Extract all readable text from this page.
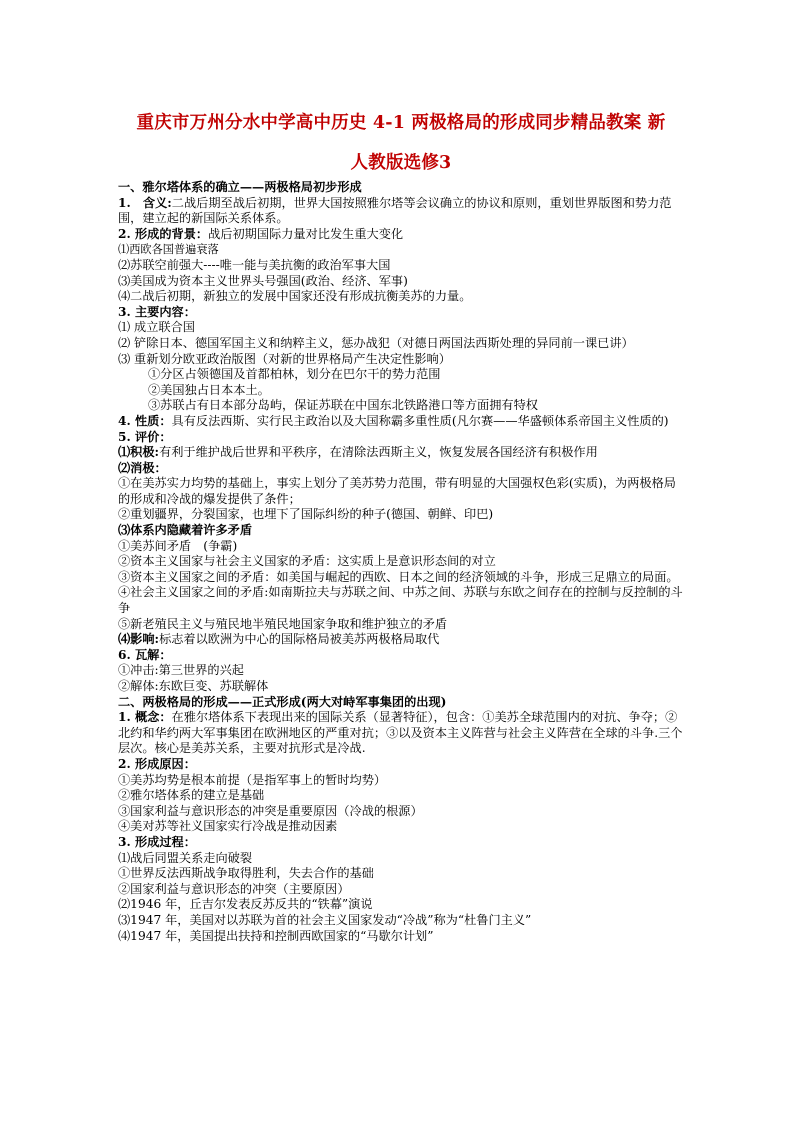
重庆市万州分水中学高中历史 4-1 两极格局的形成同步精品教案 新
人教版选修3
一、雅尔塔体系的确立——两极格局初步形成
1.　含义:二战后期至战后初期，世界大国按照雅尔塔等会议确立的协议和原则，重划世界版图和势力范围，建立起的新国际关系体系。
2. 形成的背景：战后初期国际力量对比发生重大变化
⑴西欧各国普遍衰落
⑵苏联空前强大----唯一能与美抗衡的政治军事大国
⑶美国成为资本主义世界头号强国(政治、经济、军事)
⑷二战后初期，新独立的发展中国家还没有形成抗衡美苏的力量。
3. 主要内容：
⑴ 成立联合国
⑵ 铲除日本、德国军国主义和纳粹主义，惩办战犯（对德日两国法西斯处理的异同前一课已讲）
⑶ 重新划分欧亚政治版图（对新的世界格局产生决定性影响）
①分区占领德国及首都柏林，划分在巴尔干的势力范围
②美国独占日本本土。
③苏联占有日本部分岛屿，保证苏联在中国东北铁路港口等方面拥有特权
4. 性质：具有反法西斯、实行民主政治以及大国称霸多重性质(凡尔赛——华盛顿体系帝国主义性质的)
5. 评价：
⑴积极:有利于维护战后世界和平秩序，在清除法西斯主义，恢复发展各国经济有积极作用
⑵消极：
①在美苏实力均势的基础上，事实上划分了美苏势力范围，带有明显的大国强权色彩(实质)，为两极格局的形成和冷战的爆发提供了条件；
②重划疆界，分裂国家，也埋下了国际纠纷的种子(德国、朝鲜、印巴)
⑶体系内隐藏着许多矛盾
①美苏间矛盾　(争霸)
②资本主义国家与社会主义国家的矛盾：这实质上是意识形态间的对立
③资本主义国家之间的矛盾：如美国与崛起的西欧、日本之间的经济领域的斗争，形成三足鼎立的局面。
④社会主义国家之间的矛盾:如南斯拉夫与苏联之间、中苏之间、苏联与东欧之间存在的控制与反控制的斗争
⑤新老殖民主义与殖民地半殖民地国家争取和维护独立的矛盾
⑷影响:标志着以欧洲为中心的国际格局被美苏两极格局取代
6. 瓦解：
①冲击:第三世界的兴起
②解体:东欧巨变、苏联解体
二、两极格局的形成——正式形成(两大对峙军事集团的出现)
1. 概念：在雅尔塔体系下表现出来的国际关系（显著特征），包含：①美苏全球范围内的对抗、争夺；②北约和华约两大军事集团在欧洲地区的严重对抗；③以及资本主义阵营与社会主义阵营在全球的斗争.三个层次。核心是美苏关系，主要对抗形式是冷战.
2. 形成原因：
①美苏均势是根本前提（是指军事上的暂时均势）
②雅尔塔体系的建立是基础
③国家利益与意识形态的冲突是重要原因（冷战的根源）
④美对苏等社义国家实行冷战是推动因素
3. 形成过程：
⑴战后同盟关系走向破裂
①世界反法西斯战争取得胜利，失去合作的基础
②国家利益与意识形态的冲突（主要原因）
⑵1946 年，丘吉尔发表反苏反共的“铁幕”演说
⑶1947 年，美国对以苏联为首的社会主义国家发动“冷战”称为“杜鲁门主义”
⑷1947 年，美国提出扶持和控制西欧国家的“马歇尔计划”
